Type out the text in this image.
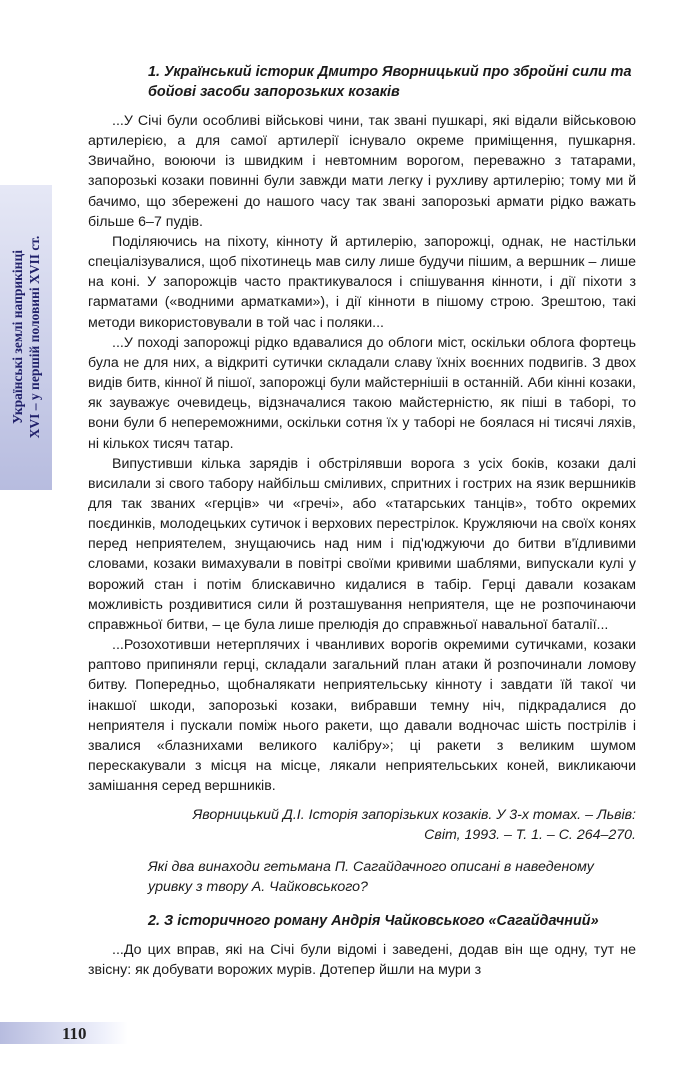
Українські землі наприкінці XVI – у першій половині XVII ст.
1. Український історик Дмитро Яворницький про збройні сили та бойові засоби запорозьких козаків

...У Січі були особливі військові чини, так звані пушкарі, які відали військовою артилерією, а для самої артилерії існувало окреме приміщення, пушкарня. Звичайно, воюючи із швидким і невтомним ворогом, переважно з татарами, запорозькі козаки повинні були завжди мати легку і рухливу артилерію; тому ми й бачимо, що збережені до нашого часу так звані запорозькі армати рідко важать більше 6–7 пудів.

Поділяючись на піхоту, кінноту й артилерію, запорожці, однак, не настільки спеціалізувалися, щоб піхотинець мав силу лише будучи пішим, а вершник – лише на коні. У запорожців часто практикувалося і спішування кінноти, і дії піхоти з гарматами («водними арматками»), і дії кінноти в пішому строю. Зрештою, такі методи використовували в той час і поляки...

...У поході запорожці рідко вдавалися до облоги міст, оскільки облога фортець була не для них, а відкриті сутички складали славу їхніх воєнних подвигів. З двох видів битв, кінної й пішої, запорожці були майстернішіі в останній. Аби кінні козаки, як зауважує очевидець, відзначалися такою майстерністю, як піші в таборі, то вони були б непереможними, оскільки сотня їх у таборі не боялася ні тисячі ляхів, ні кількох тисяч татар.

Випустивши кілька зарядів і обстрілявши ворога з усіх боків, козаки далі висилали зі свого табору найбільш сміливих, спритних і гострих на язик вершників для так званих «герців» чи «гречі», або «татарських танців», тобто окремих поєдинків, молодецьких сутичок і верхових перестрілок. Кружляючи на своїх конях перед неприятелем, знущаючись над ним і під'юджуючи до битви в'їдливими словами, козаки вимахували в повітрі своїми кривими шаблями, випускали кулі у ворожий стан і потім блискавично кидалися в табір. Герці давали козакам можливість роздивитися сили й розташування неприятеля, ще не розпочинаючи справжньої битви, – це була лише прелюдія до справжньої навальної баталії...

...Розохотивши нетерплячих і чванливих ворогів окремими сутичками, козаки раптово припиняли герці, складали загальний план атаки й розпочинали ломову битву. Попередньо, щобналякати неприятельську кінноту і завдати їй такої чи інакшої шкоди, запорозькі козаки, вибравши темну ніч, підкрадалися до неприятеля і пускали поміж нього ракети, що давали водночас шість пострілів і звалися «блазнихами великого калібру»; ці ракети з великим шумом перескакували з місця на місце, лякали неприятельських коней, викликаючи замішання серед вершників.

Яворницький Д.І. Історія запорізьких козаків. У 3-х томах. – Львів:
Світ, 1993. – Т. 1. – С. 264–270.
Які два винаходи гетьмана П. Сагайдачного описані в наведеному уривку з твору А. Чайковського?
2. З історичного роману Андрія Чайковського «Сагайдачний»

...До цих вправ, які на Січі були відомі і заведені, додав він ще одну, тут не звісну: як добувати ворожих мурів. Дотепер йшли на мури з

110
